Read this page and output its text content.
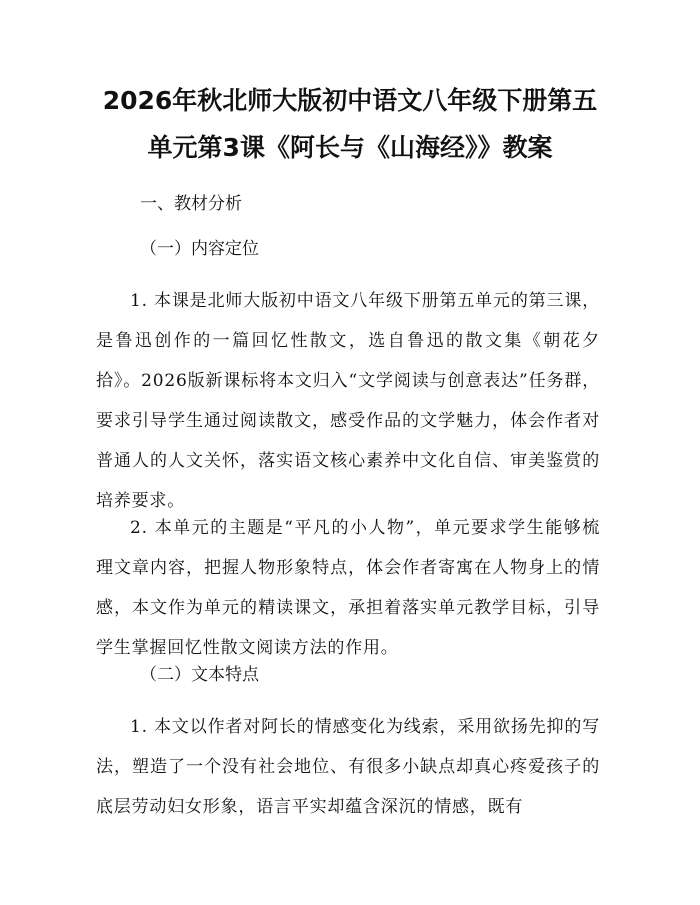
2026年秋北师大版初中语文八年级下册第五
单元第3课《阿长与《山海经》》教案

一、教材分析

（一）内容定位

1. 本课是北师大版初中语文八年级下册第五单元的第三课，是鲁迅创作的一篇回忆性散文，选自鲁迅的散文集《朝花夕拾》。2026版新课标将本文归入“文学阅读与创意表达”任务群，要求引导学生通过阅读散文，感受作品的文学魅力，体会作者对普通人的人文关怀，落实语文核心素养中文化自信、审美鉴赏的培养要求。

2. 本单元的主题是“平凡的小人物”，单元要求学生能够梳理文章内容，把握人物形象特点，体会作者寄寓在人物身上的情感，本文作为单元的精读课文，承担着落实单元教学目标，引导学生掌握回忆性散文阅读方法的作用。

（二）文本特点

1. 本文以作者对阿长的情感变化为线索，采用欲扬先抑的写法，塑造了一个没有社会地位、有很多小缺点却真心疼爱孩子的底层劳动妇女形象，语言平实却蕴含深沉的情感，既有
